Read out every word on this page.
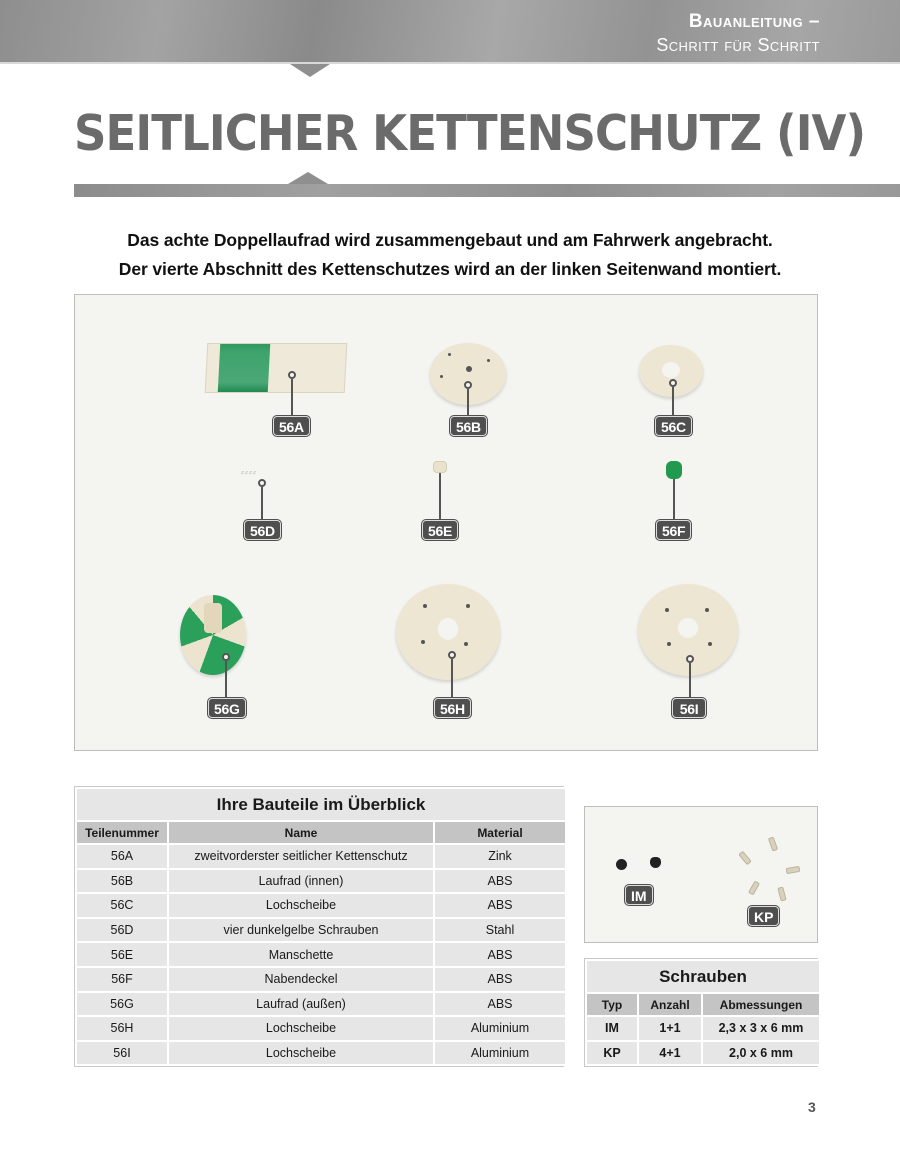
Bauanleitung –
Schritt für Schritt
SEITLICHER KETTENSCHUTZ (IV)
Das achte Doppellaufrad wird zusammengebaut und am Fahrwerk angebracht.
Der vierte Abschnitt des Kettenschutzes wird an der linken Seitenwand montiert.
56A	56B	56C
⸗⸗⸗⸗
56D	56E	56F
56G	56H	56I
Ihre Bauteile im Überblick		
Teilenummer	Name	Material
56A	zweitvorderster seitlicher Kettenschutz	Zink
56B	Laufrad (innen)	ABS
56C	Lochscheibe	ABS
56D	vier dunkelgelbe Schrauben	Stahl
56E	Manschette	ABS
56F	Nabendeckel	ABS
56G	Laufrad (außen)	ABS
56H	Lochscheibe	Aluminium
56I	Lochscheibe	Aluminium
IM
KP
Schrauben		
Typ	Anzahl	Abmessungen
IM	1+1	2,3 x 3 x 6 mm
KP	4+1	2,0 x 6 mm
3
